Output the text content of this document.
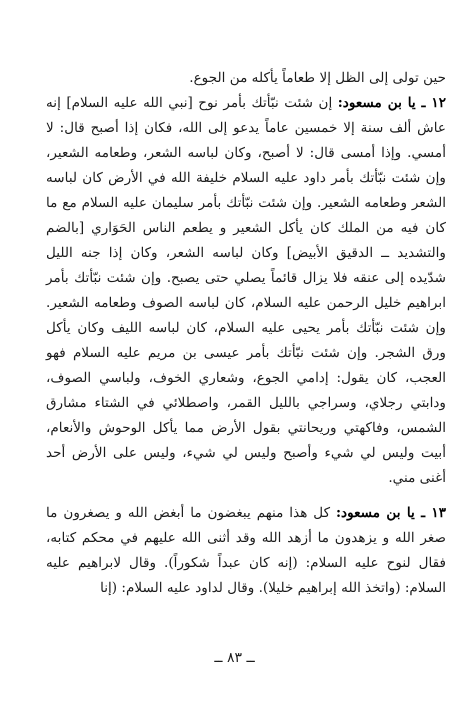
حين تولى إلى الظل إلا طعاماً يأكله من الجوع.

١٢ ـ يا بن مسعود: إن شئت نبّأتك بأمر نوح [نبي الله عليه السلام] إنه عاش ألف سنة إلا خمسين عاماً يدعو إلى الله، فكان إذا أصبح قال: لا أمسي. وإذا أمسى قال: لا أصبح، وكان لباسه الشعر، وطعامه الشعير، وإن شئت نبّأتك بأمر داود عليه السلام خليفة الله في الأرض كان لباسه الشعر وطعامه الشعير. وإن شئت نبّأتك بأمر سليمان عليه السلام مع ما كان فيه من الملك كان يأكل الشعير و يطعم الناس الحَوَاري [بالضم والتشديد ــ الدقيق الأبيض] وكان لباسه الشعر، وكان إذا جنه الليل شدّيده إلى عنقه فلا يزال قائماً يصلي حتى يصبح. وإن شئت نبّأتك بأمر ابراهيم خليل الرحمن عليه السلام، كان لباسه الصوف وطعامه الشعير. وإن شئت نبّأتك بأمر يحيى عليه السلام، كان لباسه الليف وكان يأكل ورق الشجر. وإن شئت نبّأتك بأمر عيسى بن مريم عليه السلام فهو العجب، كان يقول: إدامي الجوع، وشعاري الخوف، ولباسي الصوف، ودابتي رجلاي، وسراجي بالليل القمر، واصطلائي في الشتاء مشارق الشمس، وفاكهتي وريحانتي بقول الأرض مما يأكل الوحوش والأنعام، أبيت وليس لي شيء وأصبح وليس لي شيء، وليس على الأرض أحد أغنى مني.

١٣ ـ يا بن مسعود: كل هذا منهم يبغضون ما أبغض الله و يصغرون ما صغر الله و يزهدون ما أزهد الله وقد أثنى الله عليهم في محكم كتابه، فقال لنوح عليه السلام: (إنه كان عبداً شكوراً). وقال لابراهيم عليه السلام: (واتخذ الله إبراهيم خليلا). وقال لداود عليه السلام: (إنا

ــ ٨٣ ــ
